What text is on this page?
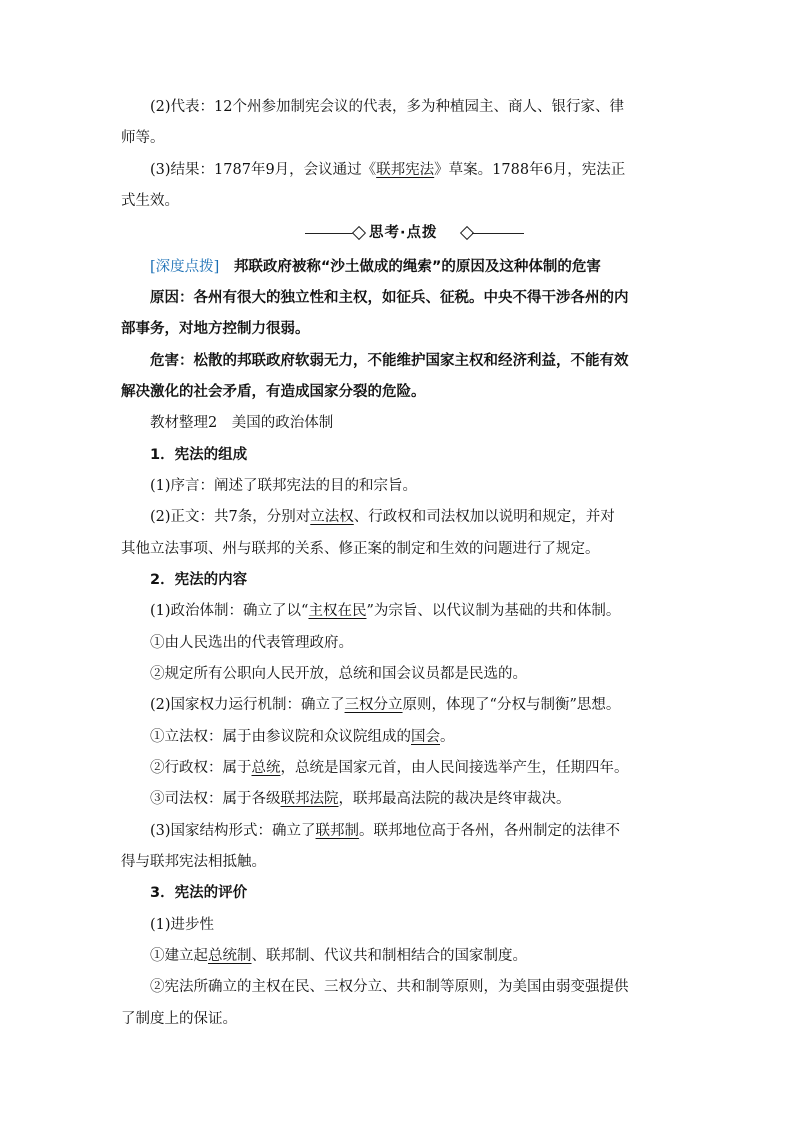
(2)代表：12个州参加制宪会议的代表，多为种植园主、商人、银行家、律
师等。
(3)结果：1787年9月，会议通过《联邦宪法》草案。1788年6月，宪法正
式生效。
思考·点拨
[深度点拨]　 邦联政府被称“沙土做成的绳索”的原因及这种体制的危害
原因：各州有很大的独立性和主权，如征兵、征税。中央不得干涉各州的内
部事务，对地方控制力很弱。
危害：松散的邦联政府软弱无力，不能维护国家主权和经济利益，不能有效
解决激化的社会矛盾，有造成国家分裂的危险。
教材整理2　美国的政治体制
1．宪法的组成
(1)序言：阐述了联邦宪法的目的和宗旨。
(2)正文：共7条，分别对立法权、行政权和司法权加以说明和规定，并对
其他立法事项、州与联邦的关系、修正案的制定和生效的问题进行了规定。
2．宪法的内容
(1)政治体制：确立了以“主权在民”为宗旨、以代议制为基础的共和体制。
①由人民选出的代表管理政府。
②规定所有公职向人民开放，总统和国会议员都是民选的。
(2)国家权力运行机制：确立了三权分立原则，体现了“分权与制衡”思想。
①立法权：属于由参议院和众议院组成的国会。
②行政权：属于总统，总统是国家元首，由人民间接选举产生，任期四年。
③司法权：属于各级联邦法院，联邦最高法院的裁决是终审裁决。
(3)国家结构形式：确立了联邦制。联邦地位高于各州，各州制定的法律不
得与联邦宪法相抵触。
3．宪法的评价
(1)进步性
①建立起总统制、联邦制、代议共和制相结合的国家制度。
②宪法所确立的主权在民、三权分立、共和制等原则，为美国由弱变强提供
了制度上的保证。
